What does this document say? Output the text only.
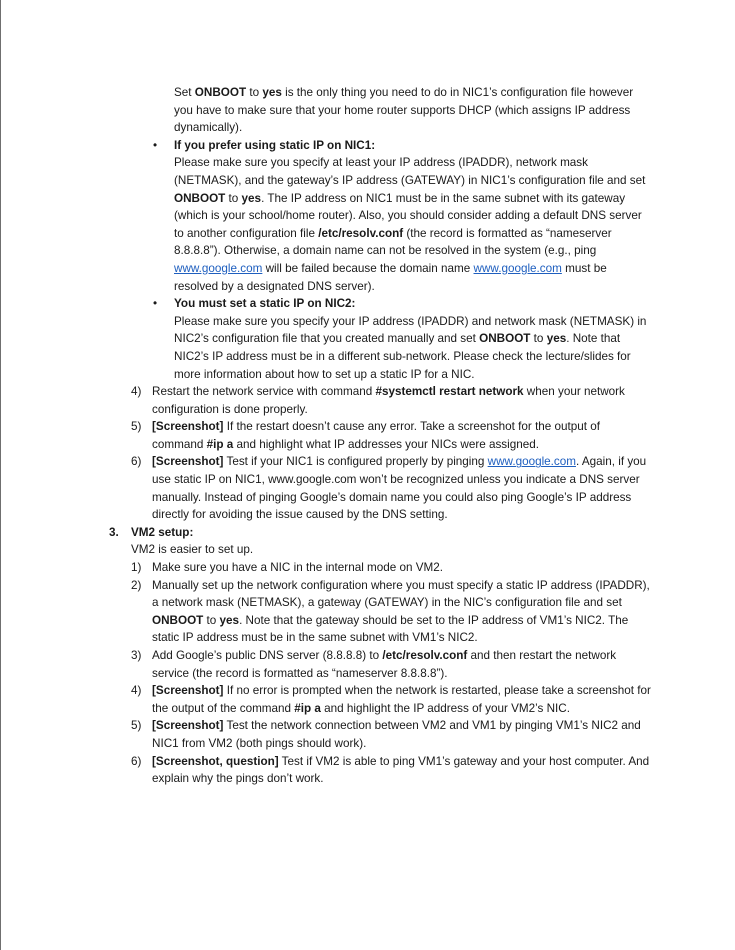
Set ONBOOT to yes is the only thing you need to do in NIC1’s configuration file however you have to make sure that your home router supports DHCP (which assigns IP address dynamically).

• If you prefer using static IP on NIC1:

Please make sure you specify at least your IP address (IPADDR), network mask (NETMASK), and the gateway’s IP address (GATEWAY) in NIC1’s configuration file and set ONBOOT to yes. The IP address on NIC1 must be in the same subnet with its gateway (which is your school/home router). Also, you should consider adding a default DNS server to another configuration file /etc/resolv.conf (the record is formatted as “nameserver 8.8.8.8”). Otherwise, a domain name can not be resolved in the system (e.g., ping www.google.com will be failed because the domain name www.google.com must be resolved by a designated DNS server).

• You must set a static IP on NIC2:

Please make sure you specify your IP address (IPADDR) and network mask (NETMASK) in NIC2’s configuration file that you created manually and set ONBOOT to yes. Note that NIC2’s IP address must be in a different sub-network. Please check the lecture/slides for more information about how to set up a static IP for a NIC.

4) Restart the network service with command #systemctl restart network when your network configuration is done properly.

5) [Screenshot] If the restart doesn’t cause any error. Take a screenshot for the output of command #ip a and highlight what IP addresses your NICs were assigned.

6) [Screenshot] Test if your NIC1 is configured properly by pinging www.google.com. Again, if you use static IP on NIC1, www.google.com won’t be recognized unless you indicate a DNS server manually. Instead of pinging Google’s domain name you could also ping Google’s IP address directly for avoiding the issue caused by the DNS setting.

3. VM2 setup:

VM2 is easier to set up.

1) Make sure you have a NIC in the internal mode on VM2.

2) Manually set up the network configuration where you must specify a static IP address (IPADDR), a network mask (NETMASK), a gateway (GATEWAY) in the NIC’s configuration file and set ONBOOT to yes. Note that the gateway should be set to the IP address of VM1’s NIC2. The static IP address must be in the same subnet with VM1’s NIC2.

3) Add Google’s public DNS server (8.8.8.8) to /etc/resolv.conf and then restart the network service (the record is formatted as “nameserver 8.8.8.8”).

4) [Screenshot] If no error is prompted when the network is restarted, please take a screenshot for the output of the command #ip a and highlight the IP address of your VM2’s NIC.

5) [Screenshot] Test the network connection between VM2 and VM1 by pinging VM1’s NIC2 and NIC1 from VM2 (both pings should work).

6) [Screenshot, question] Test if VM2 is able to ping VM1’s gateway and your host computer. And explain why the pings don’t work.
